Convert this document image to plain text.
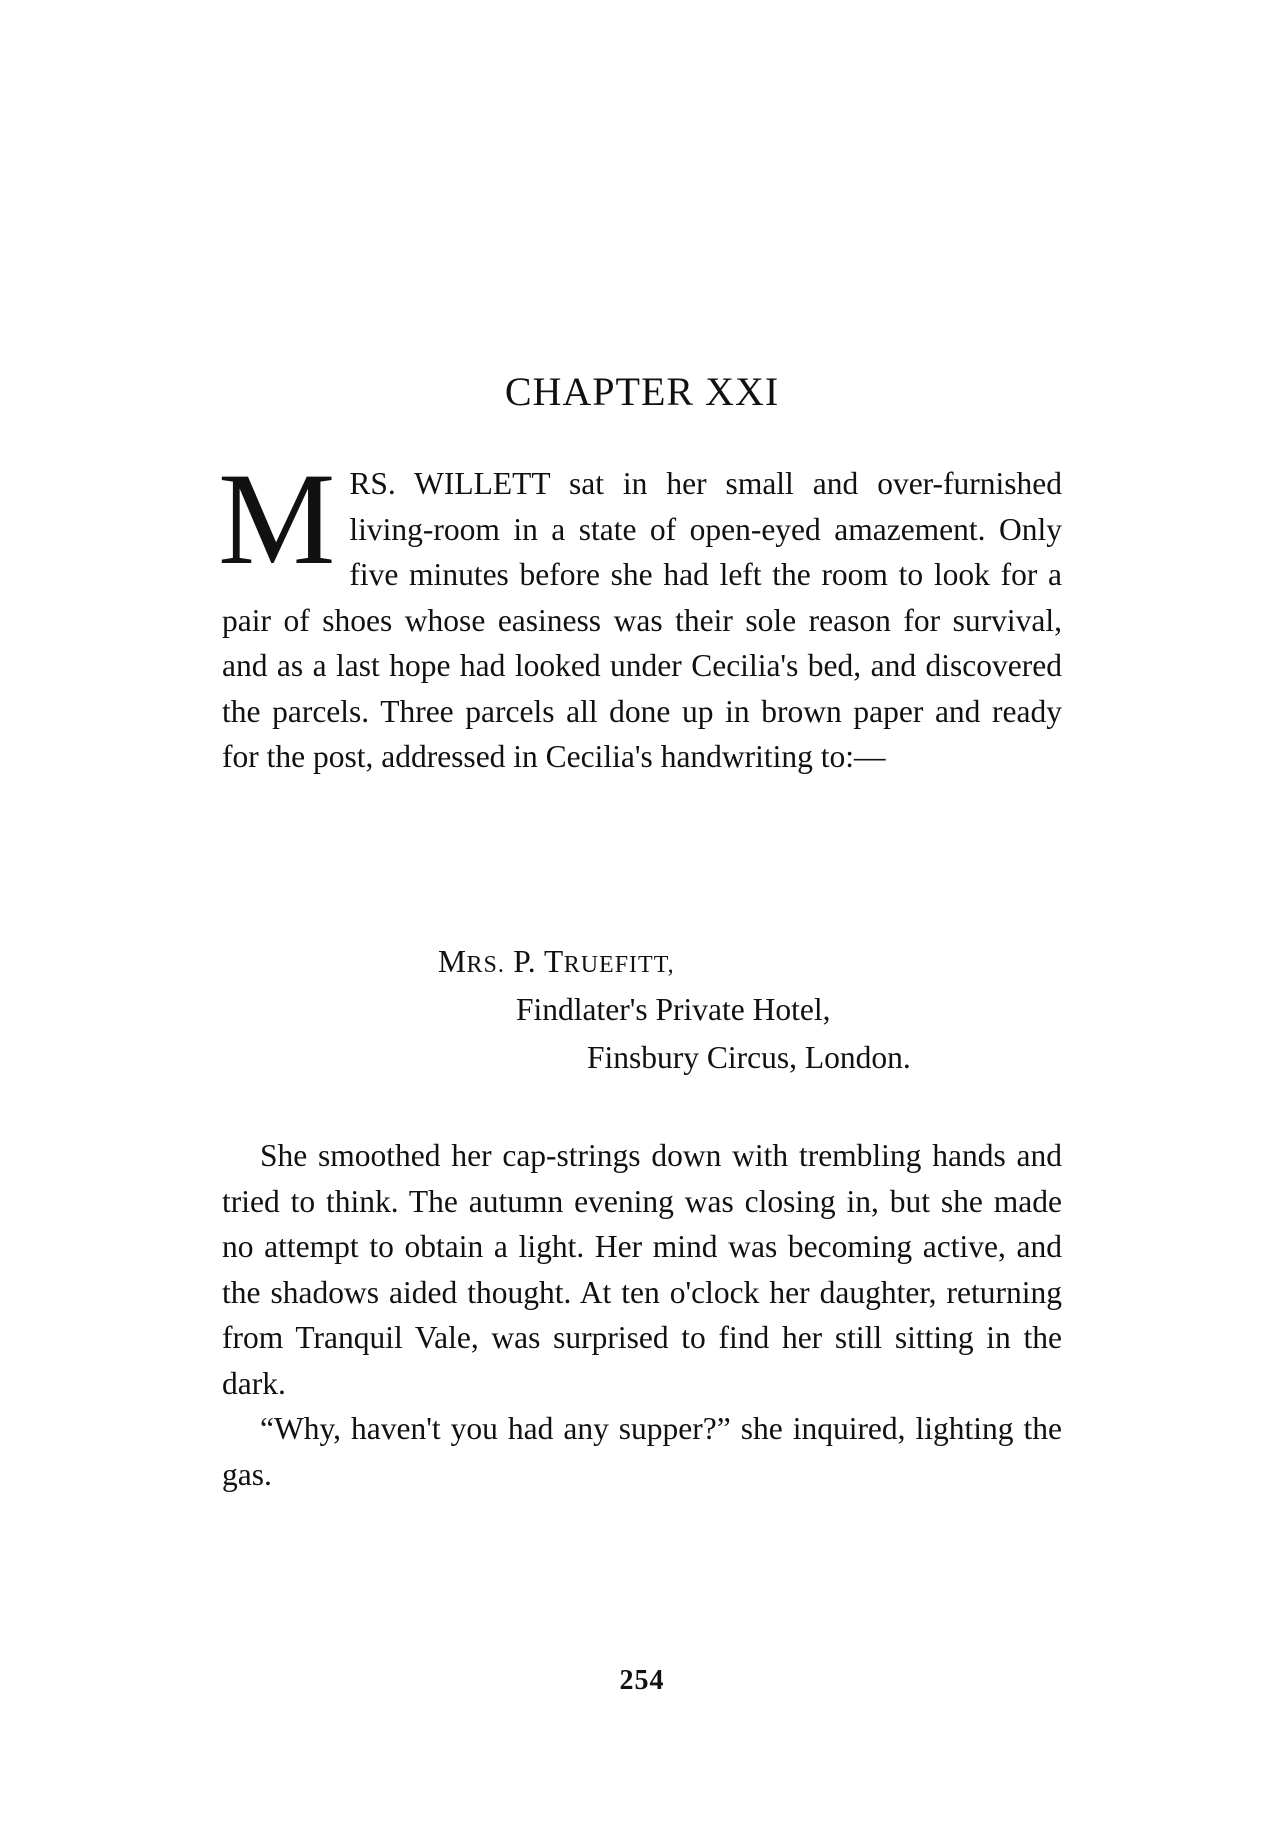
CHAPTER XXI
MRS. WILLETT sat in her small and over-furnished living-room in a state of open-eyed amazement. Only five minutes before she had left the room to look for a pair of shoes whose easiness was their sole reason for survival, and as a last hope had looked under Cecilia's bed, and discovered the parcels. Three parcels all done up in brown paper and ready for the post, addressed in Cecilia's handwriting to:—
MRS. P. TRUEFITT,
Findlater's Private Hotel,
Finsbury Circus, London.

She smoothed her cap-strings down with trembling hands and tried to think. The autumn evening was closing in, but she made no attempt to obtain a light. Her mind was becoming active, and the shadows aided thought. At ten o'clock her daughter, returning from Tranquil Vale, was surprised to find her still sitting in the dark.

“Why, haven't you had any supper?” she inquired, lighting the gas.

254
